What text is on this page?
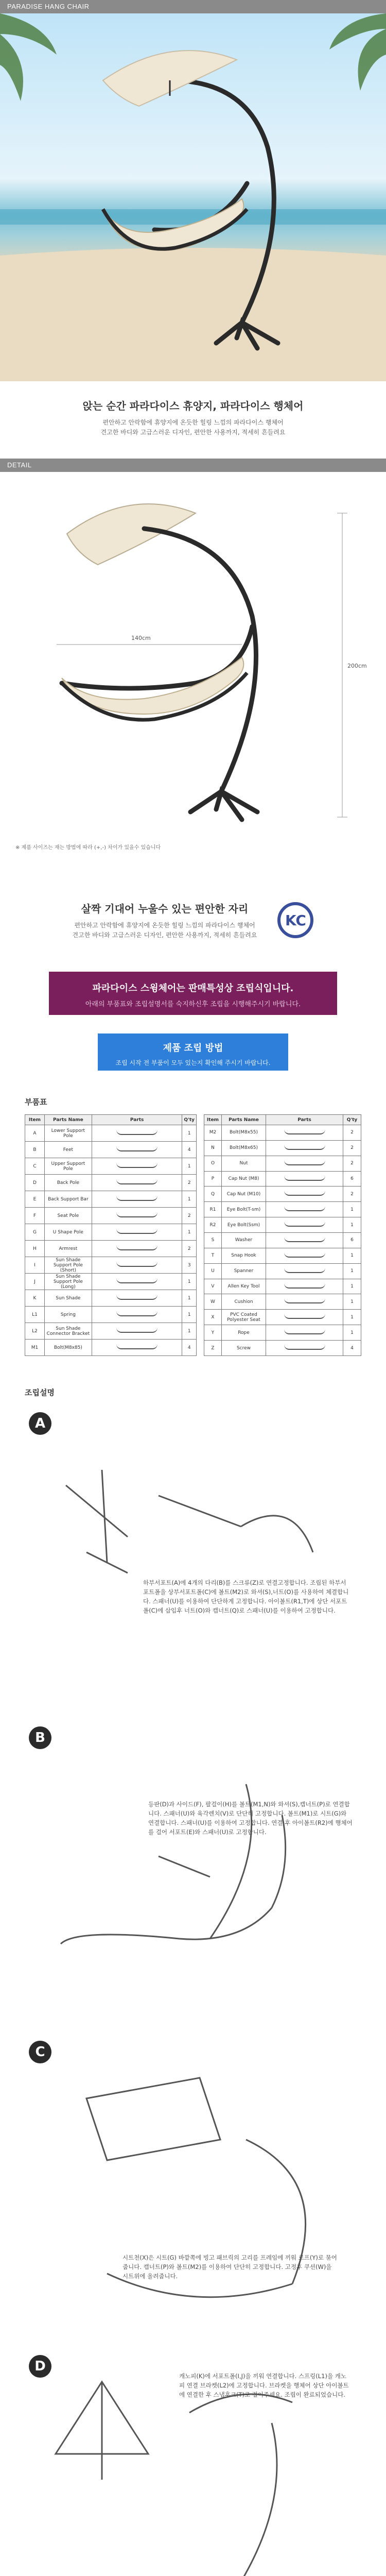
PARADISE HANG CHAIR
앉는 순간 파라다이스 휴양지, 파라다이스 행체어
편안하고 안락함에 휴양지에 온듯한 힐링 느낌의 파라다이스 행체어
견고한 바디와 고급스러운 디자인, 편안한 사용까지, 적세히 흔들려요
DETAIL
140cm
200cm
※ 제품 사이즈는 재는 방법에 따라 (+,-) 차이가 있을수 있습니다
살짝 기대어 누울수 있는 편안한 자리
편안하고 안락함에 휴양지에 온듯한 힐링 느낌의 파라다이스 행체어
견고한 바디와 고급스러운 디자인, 편안한 사용까지, 적세히 흔들려요
KC
파라다이스 스윙체어는 판매특성상 조립식입니다.
아래의 부품표와 조립설명서를 숙지하신후 조립을 시행해주시기 바랍니다.
제품 조립 방법
조립 시작 전 부품이 모두 있는지 확인해 주시기 바랍니다.
부품표
Item	Parts Name	Parts	Q'ty
A	Lower Support Pole		1
B	Feet		4
C	Upper Support Pole		1
D	Back Pole		2
E	Back Support Bar		1
F	Seat Pole		2
G	U Shape Pole		1
H	Armrest		2
I	Sun Shade Support Pole (Short)		3
J	Sun Shade Support Pole (Long)		1
K	Sun Shade		1
L1	Spring		1
L2	Sun Shade Connector Bracket		1
M1	Bolt(M8x85)		4
Item	Parts Name	Parts	Q'ty
M2	Bolt(M8x55)		2
N	Bolt(M8x65)		2
O	Nut		2
P	Cap Nut (M8)		6
Q	Cap Nut (M10)		2
R1	Eye Bolt(T-sm)		1
R2	Eye Bolt(Ssm)		1
S	Washer		6
T	Snap Hook		1
U	Spanner		1
V	Allen Key Tool		1
W	Cushion		1
X	PVC Coated Polyester Seat		1
Y	Rope		1
Z	Screw		4
조립설명
A
하부서포트(A)에 4개의 다리(B)를 스크류(Z)로 연결고정합니다. 조립된 하부서포트폴을 상부서포트폴(C)에 볼트(M2)로 와셔(S),너트(O)를 사용하여 체결합니다. 스패너(U)를 이용하여 단단하게 고정합니다. 아이볼트(R1,T)에 상단 서포트폴(C)에 삽입후 너트(O)와 캡너트(Q)로 스패너(U)를 이용하여 고정합니다.
B
등판(D)과 사이드(F), 팔걸이(H)를 볼트(M1,N)와 와셔(S),캡너트(P)로 연결합니다. 스패너(U)와 육각렌치(V)로 단단히 고정합니다. 볼트(M1)로 시트(G)와 연결합니다. 스패너(U)를 이용하여 고정합니다. 연결 후 아이볼트(R2)에 행체어를 걸어 서포트(E)와 스패너(U)로 고정합니다.
C
시트천(X)은 시트(G) 바깥쪽에 빙고 패브릭의 고리를 프레임에 끼워 로프(Y)로 묶어 줍니다. 캡너트(P)와 볼트(M2)를 이용하여 단단히 고정합니다. 고정후 쿠션(W)을 시트위에 올려줍니다.
D
캐노피(K)에 서포트폴(I,J)을 끼워 연결합니다. 스프링(L1)을 캐노피 연결 브라켓(L2)에 고정합니다. 브라켓을 행체어 상단 아이볼트에 연결한 후 스냅후크(T)로 걸어주세요. 조립이 완료되었습니다.
